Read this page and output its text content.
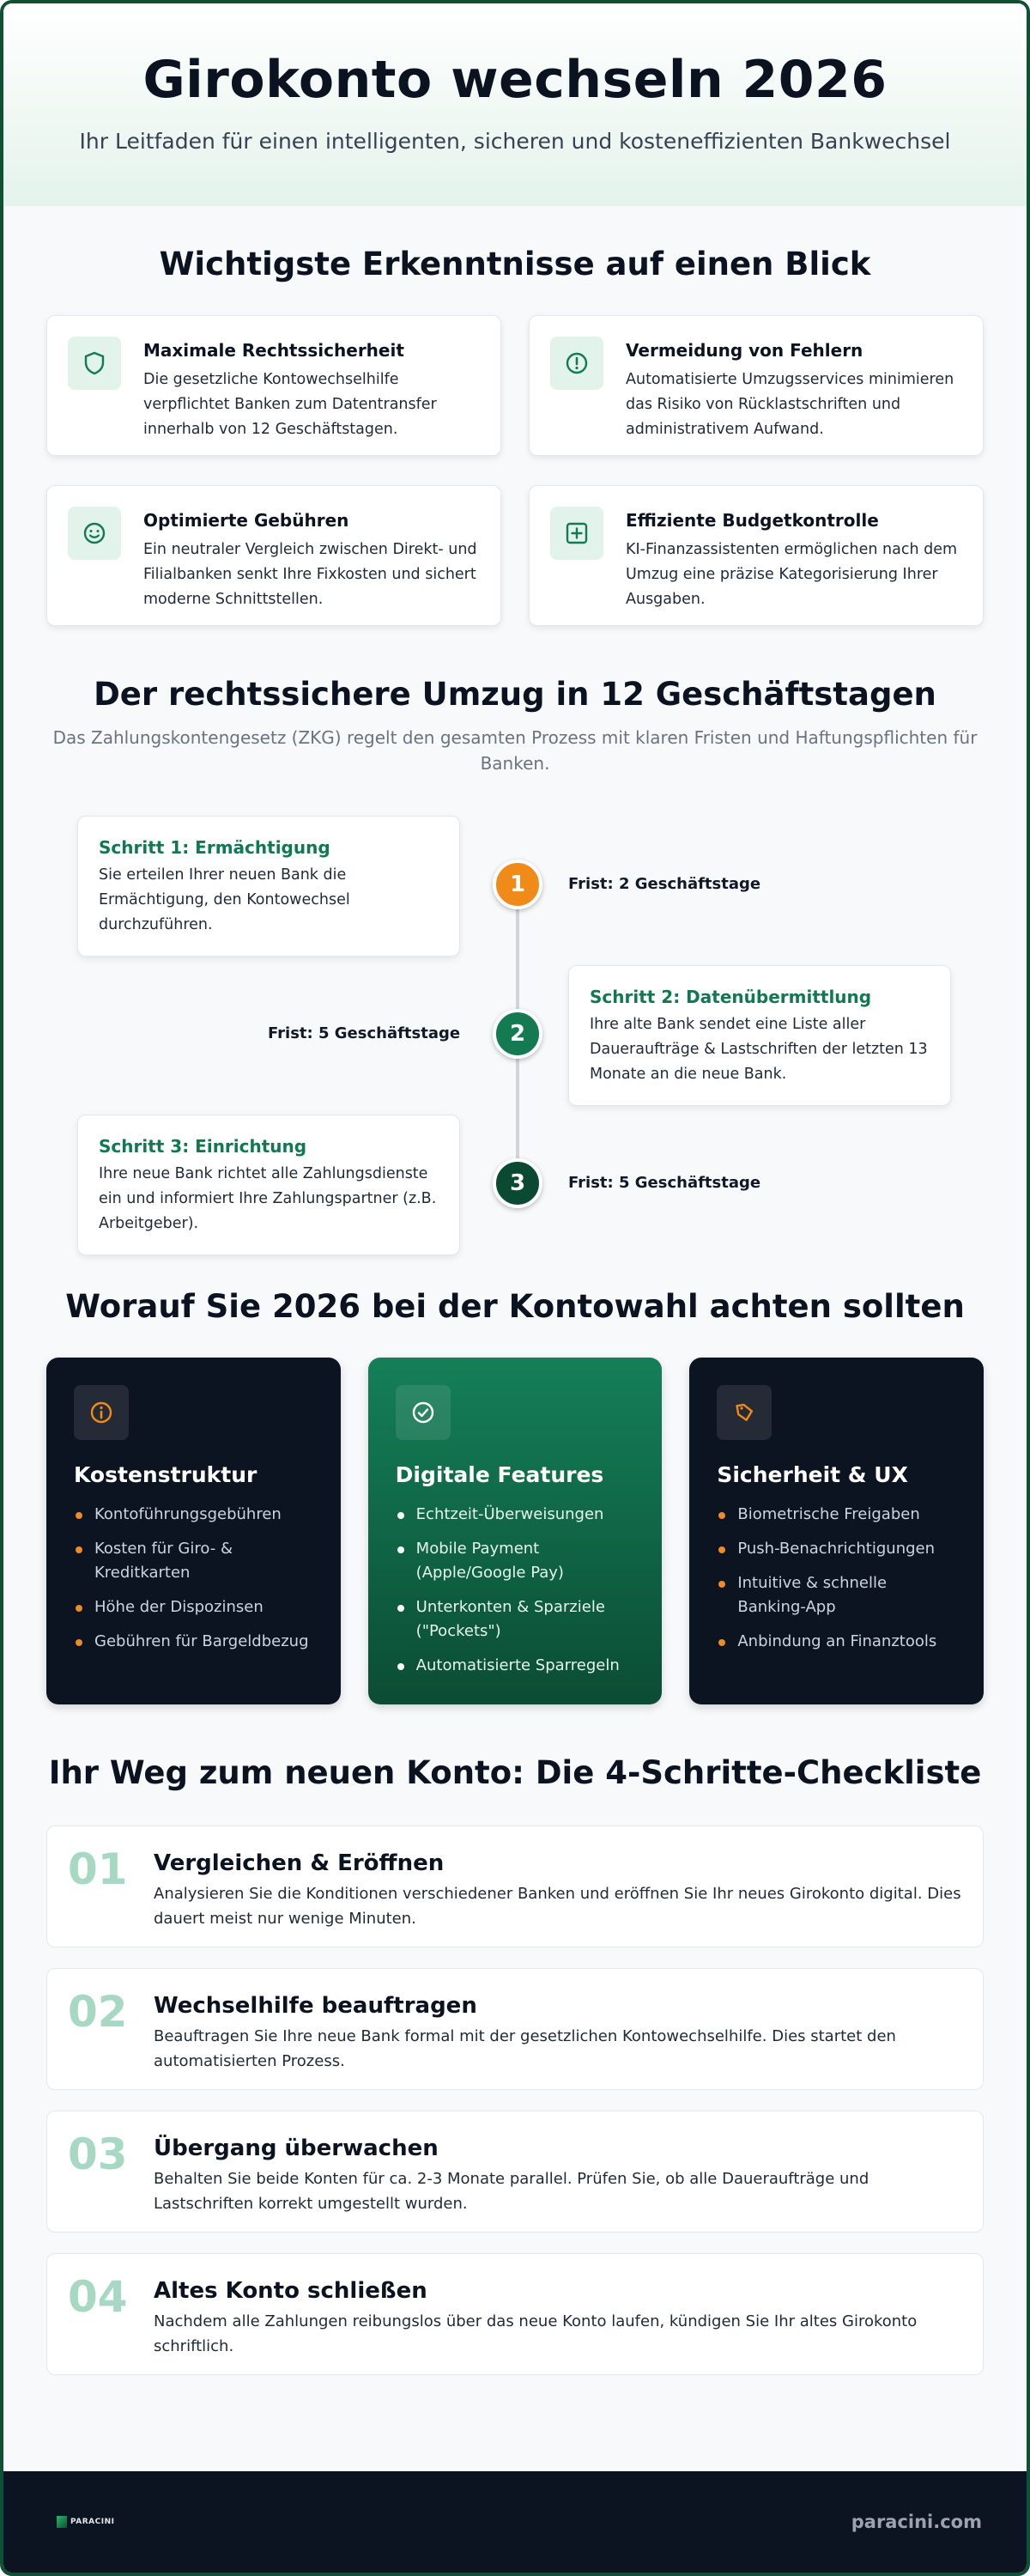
Girokonto wechseln 2026

Ihr Leitfaden für einen intelligenten, sicheren und kosteneffizienten Bankwechsel

Wichtigste Erkenntnisse auf einen Blick
Maximale Rechtssicherheit

Die gesetzliche Kontowechselhilfe verpflichtet Banken zum Datentransfer innerhalb von 12 Geschäftstagen.

Vermeidung von Fehlern

Automatisierte Umzugsservices minimieren das Risiko von Rücklastschriften und administrativem Aufwand.

Optimierte Gebühren

Ein neutraler Vergleich zwischen Direkt- und Filialbanken senkt Ihre Fixkosten und sichert moderne Schnittstellen.

Effiziente Budgetkontrolle

KI-Finanzassistenten ermöglichen nach dem Umzug eine präzise Kategorisierung Ihrer Ausgaben.

Der rechtssichere Umzug in 12 Geschäftstagen

Das Zahlungskontengesetz (ZKG) regelt den gesamten Prozess mit klaren Fristen und Haftungspflichten für Banken.

Schritt 1: Ermächtigung

Sie erteilen Ihrer neuen Bank die Ermächtigung, den Kontowechsel durchzuführen.

1	Frist: 2 Geschäftstage
Schritt 2: Datenübermittlung

Ihre alte Bank sendet eine Liste aller Daueraufträge & Lastschriften der letzten 13 Monate an die neue Bank.

2
Frist: 5 Geschäftstage
Schritt 3: Einrichtung

Ihre neue Bank richtet alle Zahlungsdienste ein und informiert Ihre Zahlungspartner (z.B. Arbeitgeber).

3	Frist: 5 Geschäftstage
Worauf Sie 2026 bei der Kontowahl achten sollten
Kostenstruktur
Kontoführungsgebühren
Kosten für Giro- & Kreditkarten
Höhe der Dispozinsen
Gebühren für Bargeldbezug
Digitale Features
Echtzeit-Überweisungen
Mobile Payment (Apple/Google Pay)
Unterkonten & Sparziele ("Pockets")
Automatisierte Sparregeln
Sicherheit & UX
Biometrische Freigaben
Push-Benachrichtigungen
Intuitive & schnelle Banking-App
Anbindung an Finanztools
Ihr Weg zum neuen Konto: Die 4-Schritte-Checkliste
01	Vergleichen & Eröffnen

Analysieren Sie die Konditionen verschiedener Banken und eröffnen Sie Ihr neues Girokonto digital. Dies dauert meist nur wenige Minuten.

02	Wechselhilfe beauftragen

Beauftragen Sie Ihre neue Bank formal mit der gesetzlichen Kontowechselhilfe. Dies startet den automatisierten Prozess.

03	Übergang überwachen

Behalten Sie beide Konten für ca. 2-3 Monate parallel. Prüfen Sie, ob alle Daueraufträge und Lastschriften korrekt umgestellt wurden.

04	Altes Konto schließen

Nachdem alle Zahlungen reibungslos über das neue Konto laufen, kündigen Sie Ihr altes Girokonto schriftlich.

PARACINI	paracini.com
